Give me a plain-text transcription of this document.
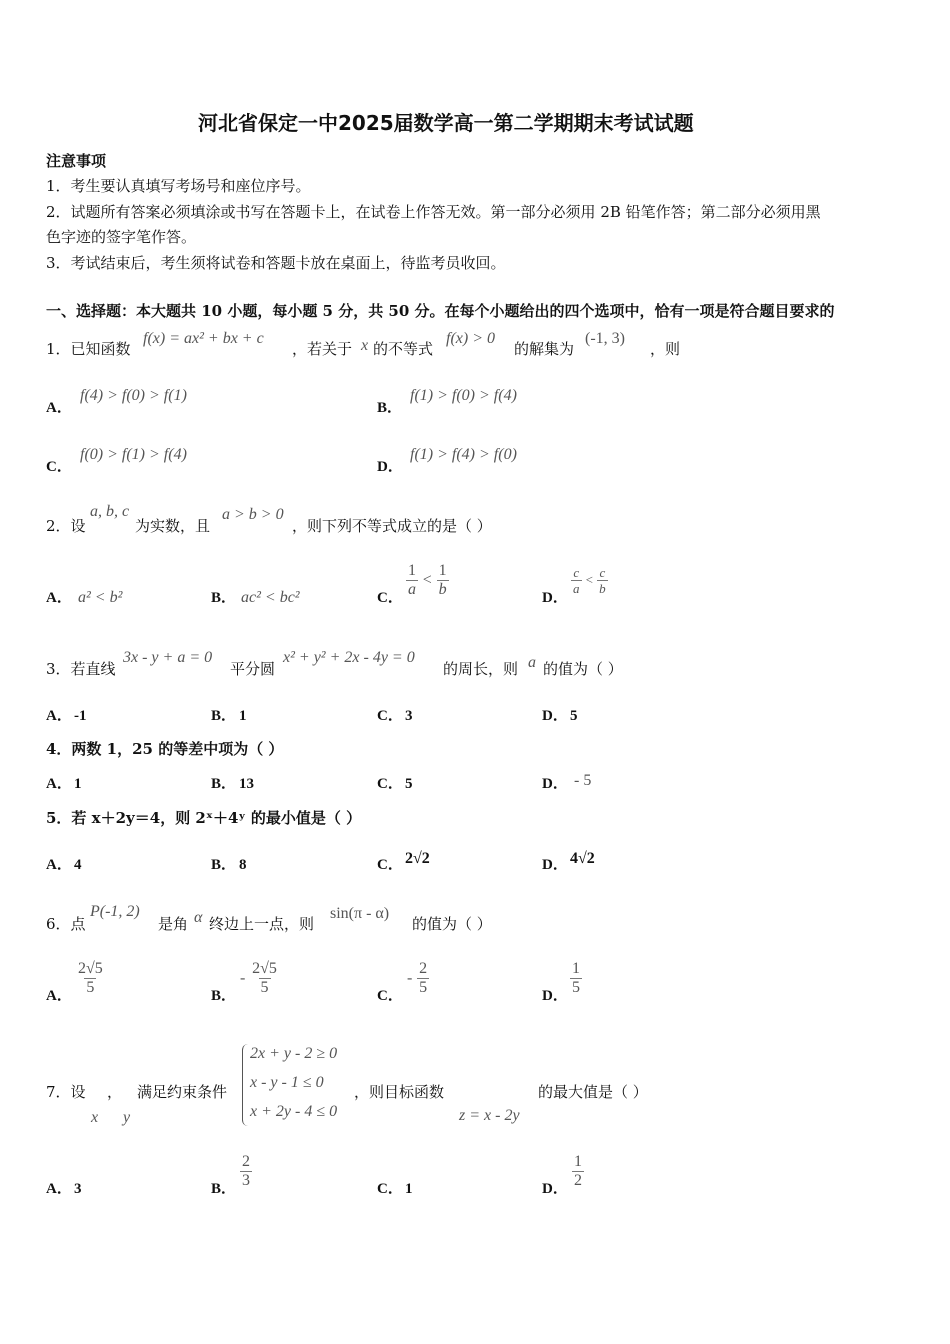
河北省保定一中2025届数学高一第二学期期末考试试题
注意事项
1．考生要认真填写考场号和座位序号。
2．试题所有答案必须填涂或书写在答题卡上，在试卷上作答无效。第一部分必须用 2B 铅笔作答；第二部分必须用黑
色字迹的签字笔作答。
3．考试结束后，考生须将试卷和答题卡放在桌面上，待监考员收回。
一、选择题：本大题共 10 小题，每小题 5 分，共 50 分。在每个小题给出的四个选项中，恰有一项是符合题目要求的
1．已知函数
f(x) = ax² + bx + c
，若关于 x 的不等式
f(x) > 0
的解集为
(-1, 3)
，则
A．
f(4) > f(0) > f(1)
B．
f(1) > f(0) > f(4)
C．
f(0) > f(1) > f(4)
D．
f(1) > f(4) > f(0)
2．设
a, b, c
为实数，且
a > b > 0
，则下列不等式成立的是（ ）
A． a² < b²	B． ac² < bc²	C． $\frac{1}{a} < \frac{1}{b}$	D．
$\frac{c}{a} < \frac{c}{b}$
3．若直线
3x - y + a = 0
平分圆
x² + y² + 2x - 4y = 0
的周长，则 a 的值为（ ）
A． -1	B． 1	C． 3	D． 5
4．两数 1，25 的等差中项为（ ）
A． 1	B． 13	C． 5	D． - 5
5．若 x＋2y＝4，则 2ˣ＋4ʸ 的最小值是（ ）
A． 4	B． 8	C． 2√2	D． 4√2
6．点
P(-1, 2)
是角 α 终边上一点，则
sin(π - α)
的值为（ ）
A． $\frac{2√5}{5}$	B．
- $\frac{2√5}{5}$	C．
- $\frac{2}{5}$	D． $\frac{1}{5}$
7．设
x
，
y
满足约束条件
2x + y - 2 ≥ 0
x - y - 1 ≤ 0
x + 2y - 4 ≤ 0
，则目标函数
z = x - 2y
的最大值是（ ）
A． 3	B． $\frac{2}{3}$	C． 1	D． $\frac{1}{2}$
